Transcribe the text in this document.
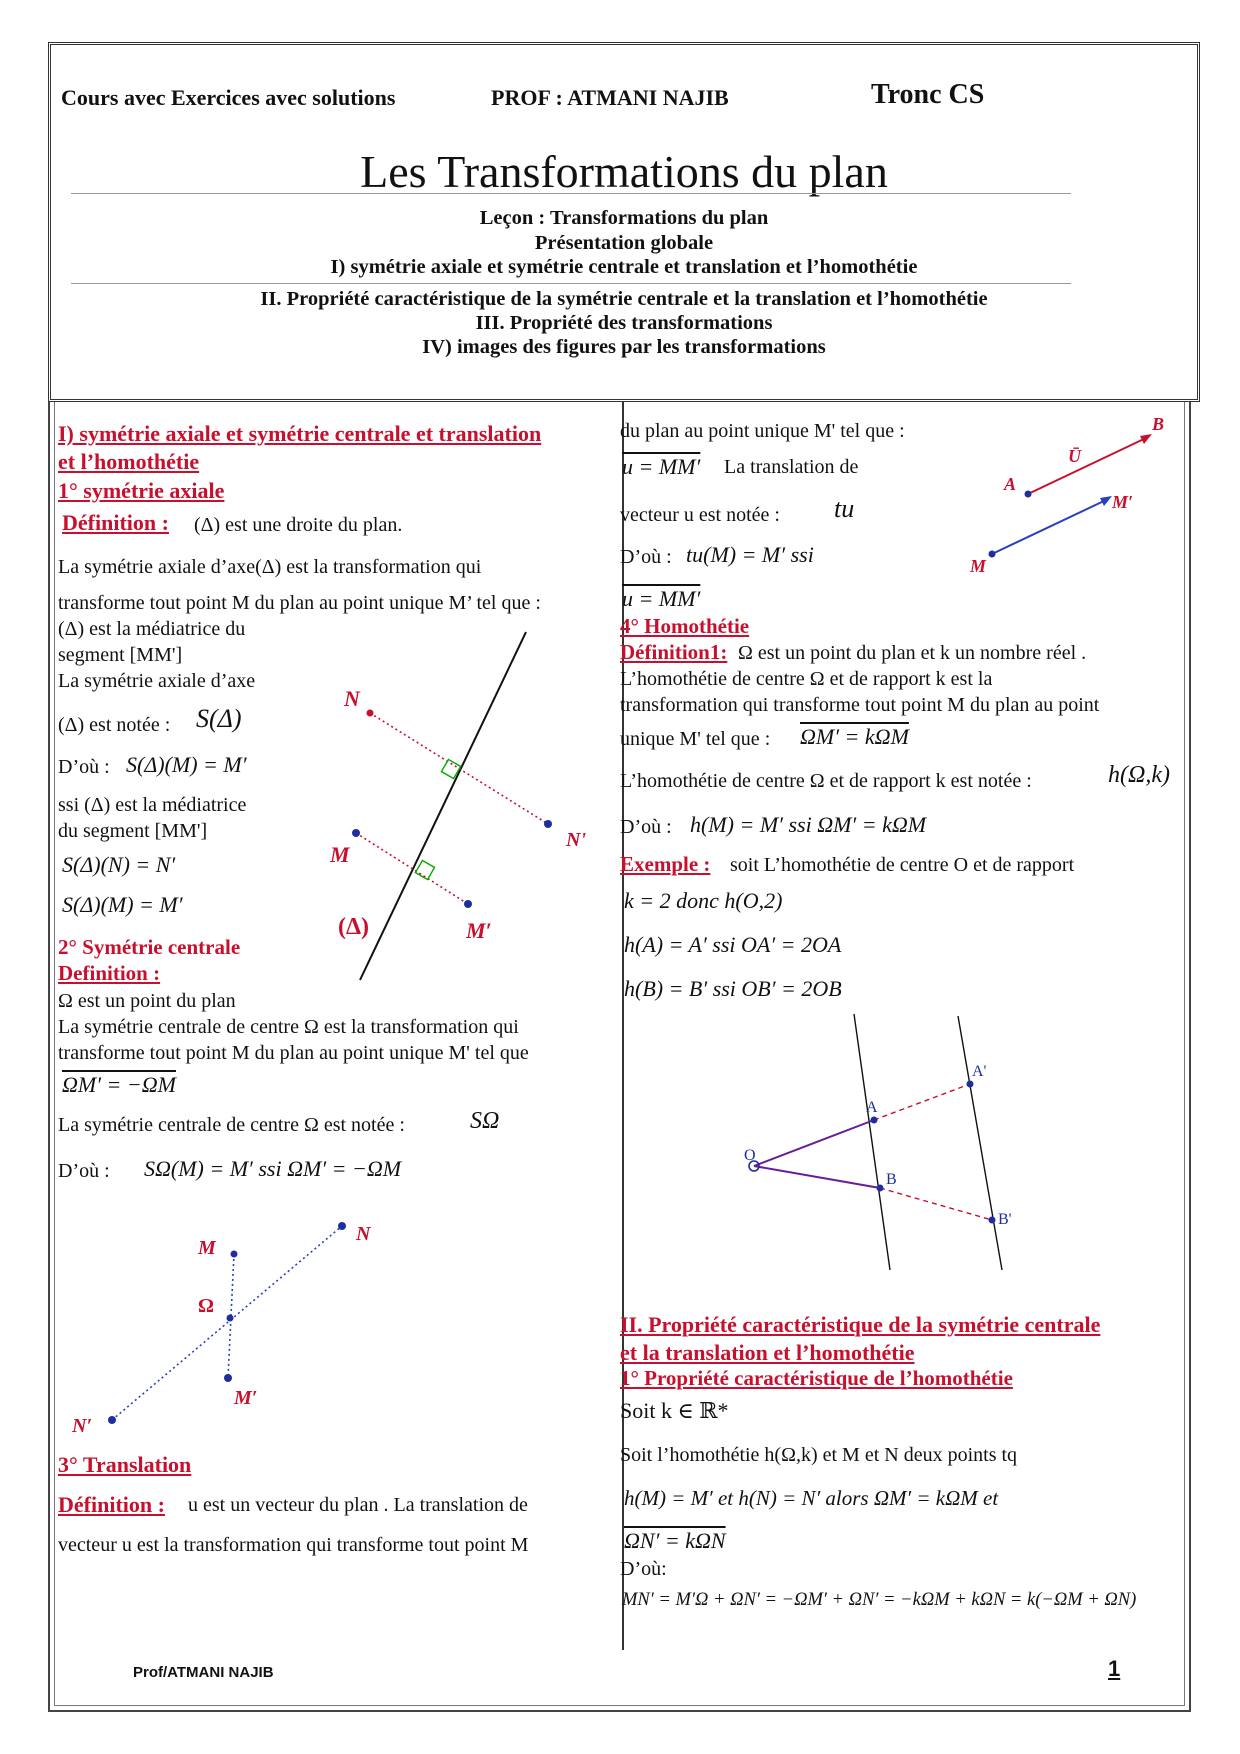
Cours avec Exercices avec solutions	PROF : ATMANI NAJIB	Tronc CS
Les Transformations du plan
Leçon : Transformations du plan
Présentation globale
I) symétrie axiale et symétrie centrale et translation et l’homothétie
II. Propriété caractéristique de la symétrie centrale et la translation et l’homothétie
III. Propriété des transformations
IV) images des figures par les transformations
I) symétrie axiale et symétrie centrale et translation
et l’homothétie
1° symétrie axiale
Définition : (Δ) est une droite du plan.
La symétrie axiale d’axe(Δ) est la transformation qui
transforme tout point M du plan au point unique M’ tel que :
(Δ) est la médiatrice du
segment [MM']
La symétrie axiale d’axe
(Δ) est notée : S(Δ)
D’où : S(Δ)(M) = M′
ssi (Δ) est la médiatrice
du segment [MM']
S(Δ)(N) = N′
S(Δ)(M) = M′
N
N'
M
M′
(Δ)
2° Symétrie centrale
Definition :
Ω est un point du plan
La symétrie centrale de centre Ω est la transformation qui
transforme tout point M du plan au point unique M' tel que
ΩM′ = −ΩM
La symétrie centrale de centre Ω est notée :	SΩ
D’où : SΩ(M) = M′ ssi ΩM′ = −ΩM
N
M
Ω
M′
N′
3° Translation
Définition : u est un vecteur du plan . La translation de
vecteur u est la transformation qui transforme tout point M
du plan au point unique M' tel que :
u = MM′ La translation de
vecteur u est notée : tu
D’où : tu(M) = M′ ssi
u = MM′
A
B
Ū
M
M′
4° Homothétie
Définition1: Ω est un point du plan et k un nombre réel .
L’homothétie de centre Ω et de rapport k est la
transformation qui transforme tout point M du plan au point
unique M' tel que : ΩM′ = kΩM
L’homothétie de centre Ω et de rapport k est notée :	h(Ω,k)
D’où : h(M) = M′ ssi ΩM′ = kΩM
Exemple : soit L’homothétie de centre O et de rapport
k = 2 donc h(O,2)
h(A) = A′ ssi OA′ = 2OA
h(B) = B′ ssi OB′ = 2OB
O
A
A'
B
B'
II. Propriété caractéristique de la symétrie centrale
et la translation et l’homothétie
1° Propriété caractéristique de l’homothétie
Soit k ∈ ℝ*
Soit l’homothétie h(Ω,k) et M et N deux points tq
h(M) = M′ et h(N) = N′ alors ΩM′ = kΩM et
ΩN′ = kΩN
D’où:
MN′ = M′Ω + ΩN′ = −ΩM′ + ΩN′ = −kΩM + kΩN = k(−ΩM + ΩN)
Prof/ATMANI NAJIB	1
